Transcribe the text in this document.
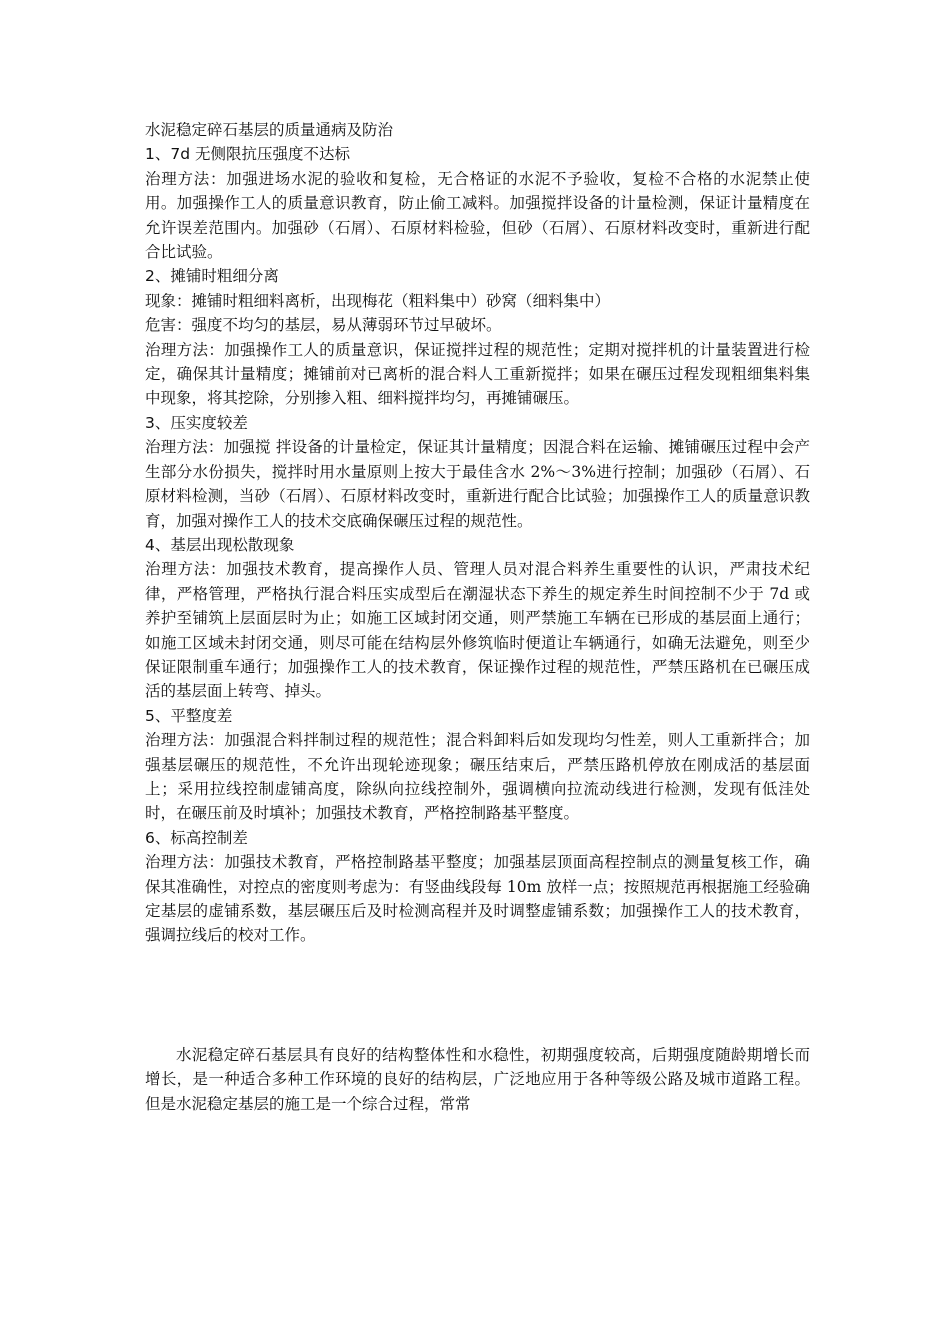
水泥稳定碎石基层的质量通病及防治

1、7d 无侧限抗压强度不达标

治理方法：加强进场水泥的验收和复检，无合格证的水泥不予验收，复检不合格的水泥禁止使用。加强操作工人的质量意识教育，防止偷工减料。加强搅拌设备的计量检测，保证计量精度在允许误差范围内。加强砂（石屑）、石原材料检验，但砂（石屑）、石原材料改变时，重新进行配合比试验。

2、摊铺时粗细分离

现象：摊铺时粗细料离析，出现梅花（粗料集中）砂窝（细料集中）

危害：强度不均匀的基层，易从薄弱环节过早破坏。

治理方法：加强操作工人的质量意识，保证搅拌过程的规范性；定期对搅拌机的计量装置进行检定，确保其计量精度；摊铺前对已离析的混合料人工重新搅拌；如果在碾压过程发现粗细集料集中现象，将其挖除，分别掺入粗、细料搅拌均匀，再摊铺碾压。

3、压实度较差

治理方法：加强搅 拌设备的计量检定，保证其计量精度；因混合料在运输、摊铺碾压过程中会产生部分水份损失，搅拌时用水量原则上按大于最佳含水 2%～3%进行控制；加强砂（石屑）、石原材料检测，当砂（石屑）、石原材料改变时，重新进行配合比试验；加强操作工人的质量意识教育，加强对操作工人的技术交底确保碾压过程的规范性。

4、基层出现松散现象

治理方法：加强技术教育，提高操作人员、管理人员对混合料养生重要性的认识，严肃技术纪律，严格管理，严格执行混合料压实成型后在潮湿状态下养生的规定养生时间控制不少于 7d 或养护至铺筑上层面层时为止；如施工区域封闭交通，则严禁施工车辆在已形成的基层面上通行；如施工区域未封闭交通，则尽可能在结构层外修筑临时便道让车辆通行，如确无法避免，则至少保证限制重车通行；加强操作工人的技术教育，保证操作过程的规范性，严禁压路机在已碾压成活的基层面上转弯、掉头。

5、平整度差

治理方法：加强混合料拌制过程的规范性；混合料卸料后如发现均匀性差，则人工重新拌合；加强基层碾压的规范性，不允许出现轮迹现象；碾压结束后，严禁压路机停放在刚成活的基层面上；采用拉线控制虚铺高度，除纵向拉线控制外，强调横向拉流动线进行检测，发现有低洼处时，在碾压前及时填补；加强技术教育，严格控制路基平整度。

6、标高控制差

治理方法：加强技术教育，严格控制路基平整度；加强基层顶面高程控制点的测量复核工作，确保其准确性，对控点的密度则考虑为：有竖曲线段每 10m 放样一点；按照规范再根据施工经验确定基层的虚铺系数，基层碾压后及时检测高程并及时调整虚铺系数；加强操作工人的技术教育，强调拉线后的校对工作。

水泥稳定碎石基层具有良好的结构整体性和水稳性，初期强度较高，后期强度随龄期增长而增长，是一种适合多种工作环境的良好的结构层，广泛地应用于各种等级公路及城市道路工程。但是水泥稳定基层的施工是一个综合过程，常常
